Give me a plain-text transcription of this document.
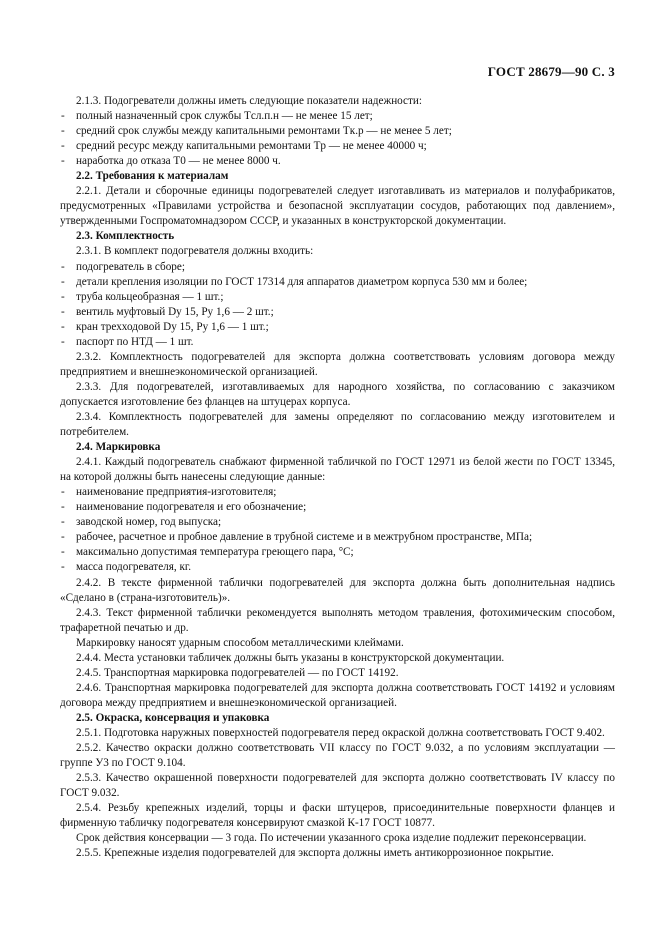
ГОСТ 28679—90 С. 3
2.1.3. Подогреватели должны иметь следующие показатели надежности:
- полный назначенный срок службы Tсл.п.н — не менее 15 лет;
- средний срок службы между капитальными ремонтами Tк.р — не менее 5 лет;
- средний ресурс между капитальными ремонтами Tр — не менее 40000 ч;
- наработка до отказа T0 — не менее 8000 ч.
2.2. Требования к материалам
2.2.1. Детали и сборочные единицы подогревателей следует изготавливать из материалов и полуфабрикатов, предусмотренных «Правилами устройства и безопасной эксплуатации сосудов, работающих под давлением», утвержденными Госпроматомнадзором СССР, и указанных в конструкторской документации.
2.3. Комплектность
2.3.1. В комплект подогревателя должны входить:
- подогреватель в сборе;
- детали крепления изоляции по ГОСТ 17314 для аппаратов диаметром корпуса 530 мм и более;
- труба кольцеобразная — 1 шт.;
- вентиль муфтовый Dy 15, Py 1,6 — 2 шт.;
- кран трехходовой Dy 15, Py 1,6 — 1 шт.;
- паспорт по НТД — 1 шт.
2.3.2. Комплектность подогревателей для экспорта должна соответствовать условиям договора между предприятием и внешнеэкономической организацией.
2.3.3. Для подогревателей, изготавливаемых для народного хозяйства, по согласованию с заказчиком допускается изготовление без фланцев на штуцерах корпуса.
2.3.4. Комплектность подогревателей для замены определяют по согласованию между изготовителем и потребителем.
2.4. Маркировка
2.4.1. Каждый подогреватель снабжают фирменной табличкой по ГОСТ 12971 из белой жести по ГОСТ 13345, на которой должны быть нанесены следующие данные:
- наименование предприятия-изготовителя;
- наименование подогревателя и его обозначение;
- заводской номер, год выпуска;
- рабочее, расчетное и пробное давление в трубной системе и в межтрубном пространстве, МПа;
- максимально допустимая температура греющего пара, °С;
- масса подогревателя, кг.
2.4.2. В тексте фирменной таблички подогревателей для экспорта должна быть дополнительная надпись «Сделано в (страна-изготовитель)».
2.4.3. Текст фирменной таблички рекомендуется выполнять методом травления, фотохимическим способом, трафаретной печатью и др.
Маркировку наносят ударным способом металлическими клеймами.
2.4.4. Места установки табличек должны быть указаны в конструкторской документации.
2.4.5. Транспортная маркировка подогревателей — по ГОСТ 14192.
2.4.6. Транспортная маркировка подогревателей для экспорта должна соответствовать ГОСТ 14192 и условиям договора между предприятием и внешнеэкономической организацией.
2.5. Окраска, консервация и упаковка
2.5.1. Подготовка наружных поверхностей подогревателя перед окраской должна соответствовать ГОСТ 9.402.
2.5.2. Качество окраски должно соответствовать VII классу по ГОСТ 9.032, а по условиям эксплуатации — группе У3 по ГОСТ 9.104.
2.5.3. Качество окрашенной поверхности подогревателей для экспорта должно соответствовать IV классу по ГОСТ 9.032.
2.5.4. Резьбу крепежных изделий, торцы и фаски штуцеров, присоединительные поверхности фланцев и фирменную табличку подогревателя консервируют смазкой К-17 ГОСТ 10877.
Срок действия консервации — 3 года. По истечении указанного срока изделие подлежит переконсервации.
2.5.5. Крепежные изделия подогревателей для экспорта должны иметь антикоррозионное покрытие.
